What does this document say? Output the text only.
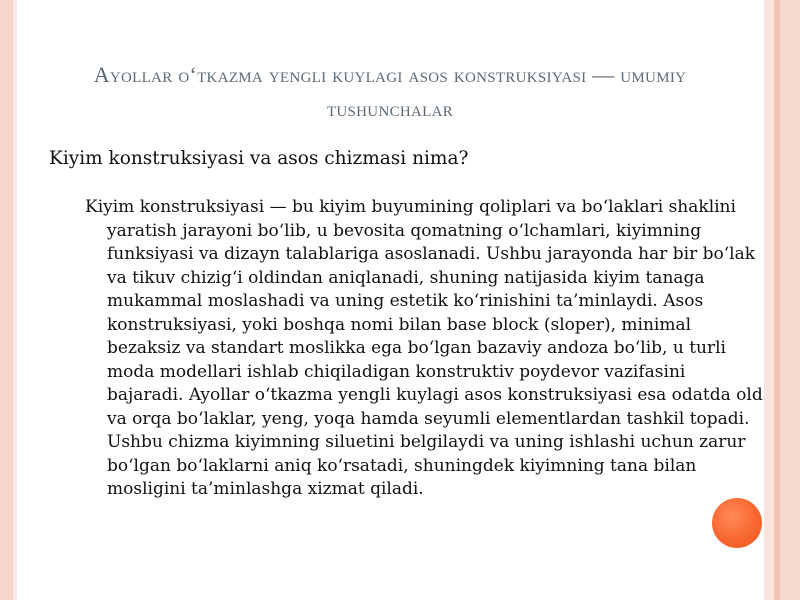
Ayollar o‘tkazma yengli kuylagi asos konstruksiyasi — umumiy tushunchalar
Kiyim konstruksiyasi va asos chizmasi nima?

Kiyim konstruksiyasi — bu kiyim buyumining qoliplari va bo‘laklari shaklini yaratish jarayoni bo‘lib, u bevosita qomatning o‘lchamlari, kiyimning funksiyasi va dizayn talablariga asoslanadi. Ushbu jarayonda har bir bo‘lak va tikuv chizig‘i oldindan aniqlanadi, shuning natijasida kiyim tanaga mukammal moslashadi va uning estetik ko‘rinishini ta’minlaydi. Asos konstruksiyasi, yoki boshqa nomi bilan base block (sloper), minimal bezaksiz va standart moslikka ega bo‘lgan bazaviy andoza bo‘lib, u turli moda modellari ishlab chiqiladigan konstruktiv poydevor vazifasini bajaradi. Ayollar o‘tkazma yengli kuylagi asos konstruksiyasi esa odatda old va orqa bo‘laklar, yeng, yoqa hamda seyumli elementlardan tashkil topadi. Ushbu chizma kiyimning siluetini belgilaydi va uning ishlashi uchun zarur bo‘lgan bo‘laklarni aniq ko‘rsatadi, shuningdek kiyimning tana bilan mosligini ta’minlashga xizmat qiladi.
